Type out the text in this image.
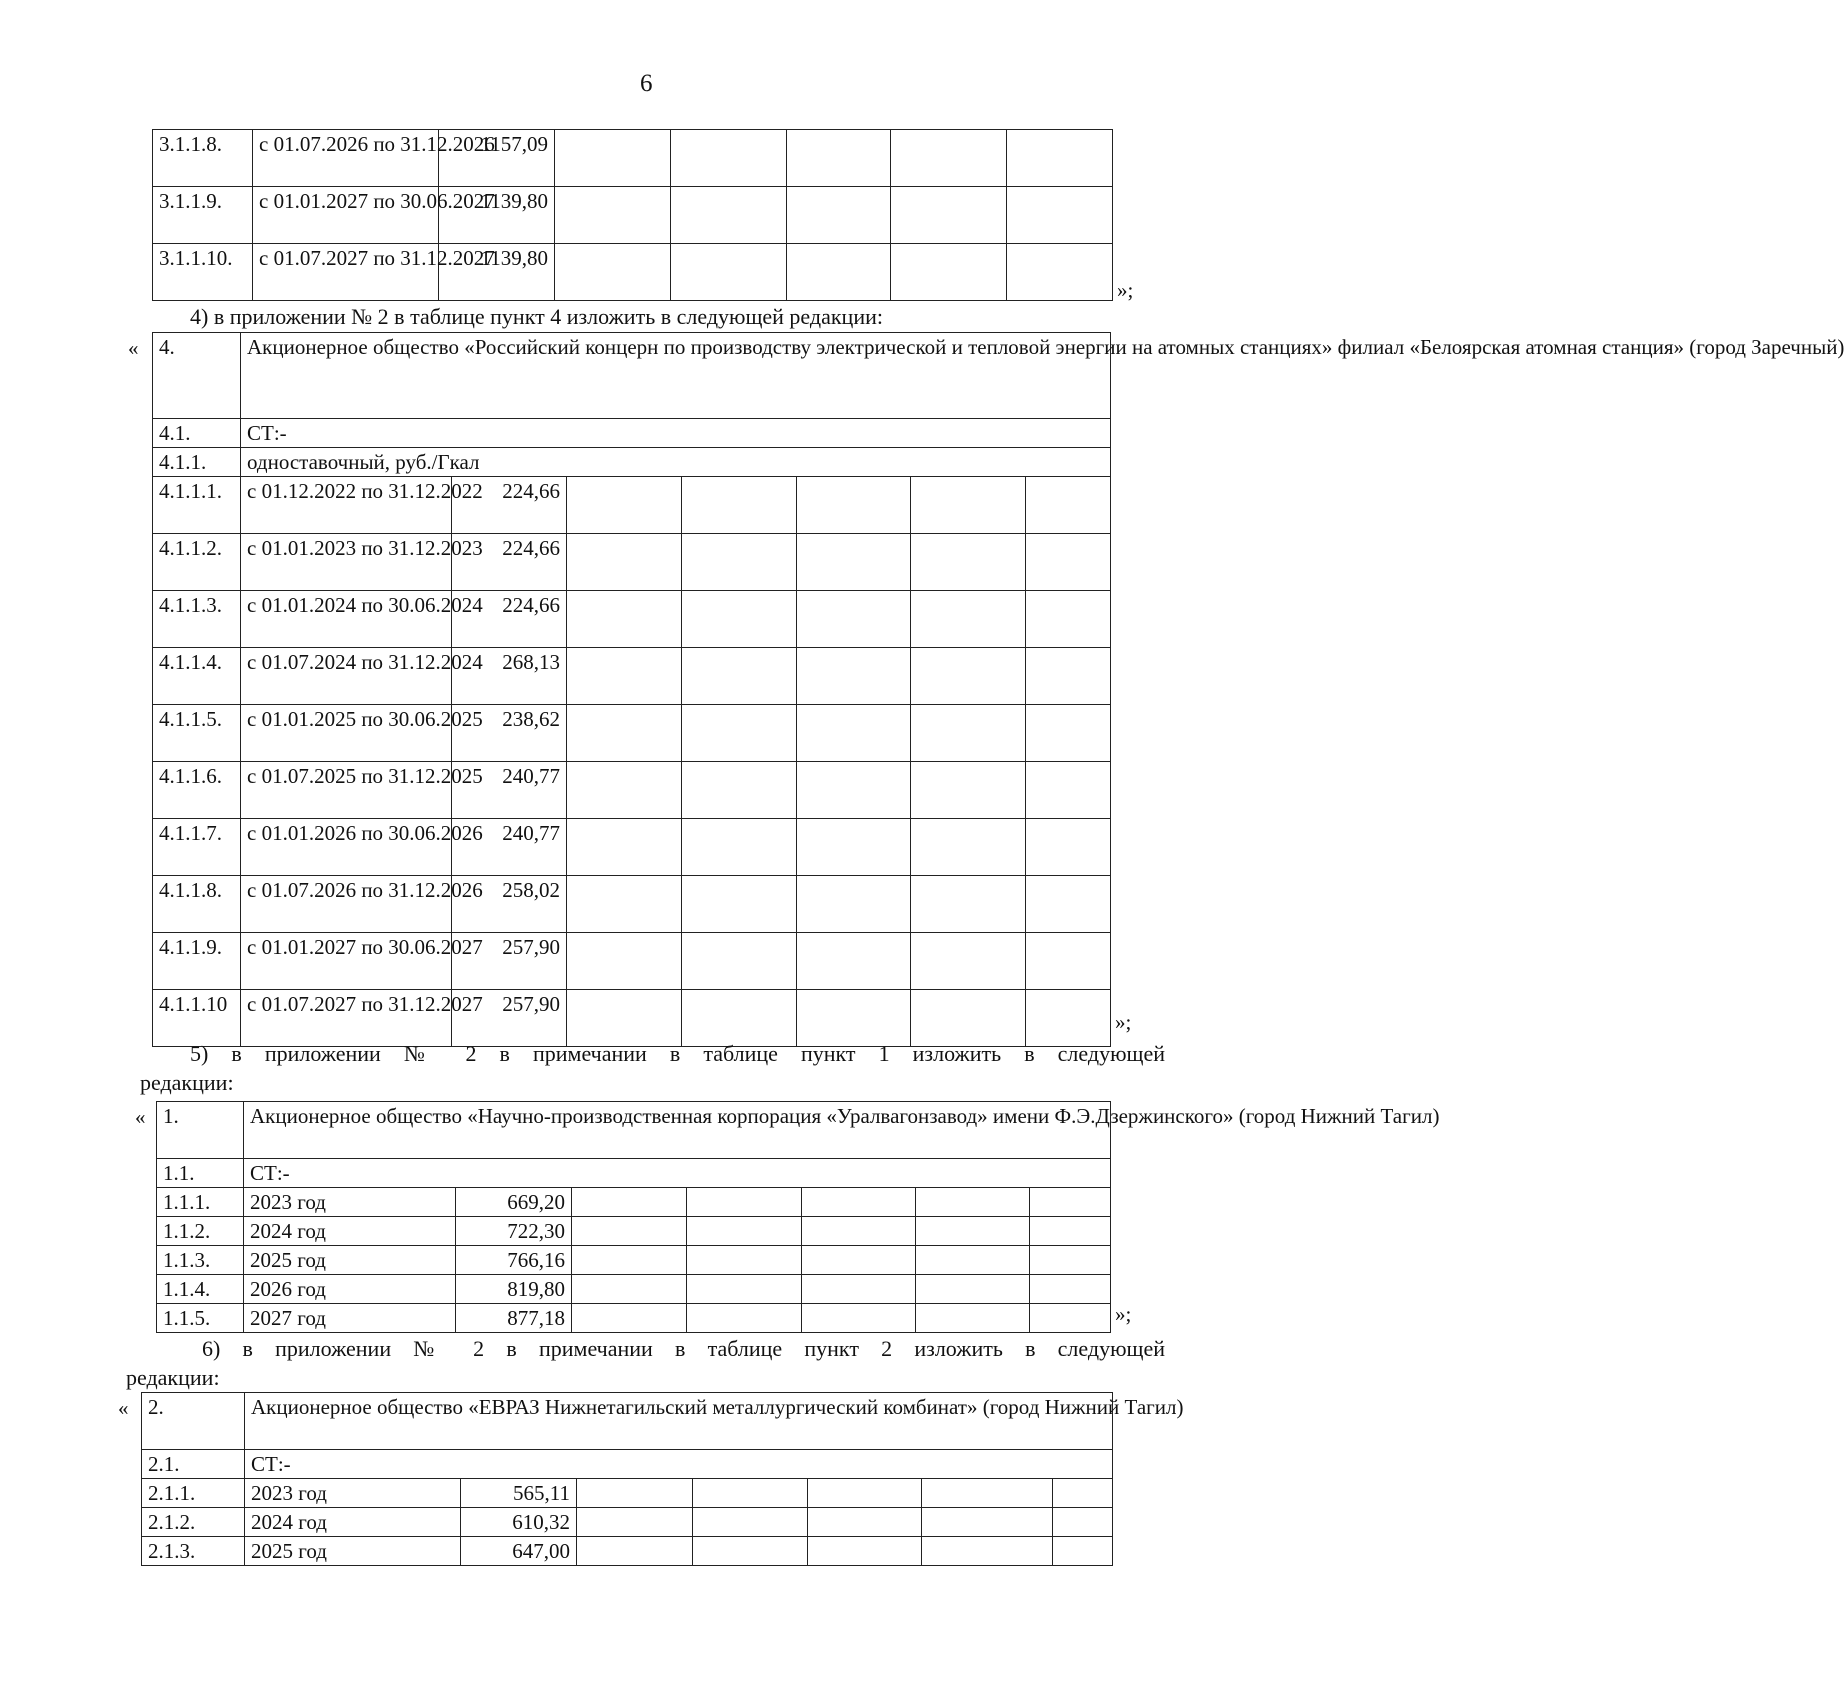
6
3.1.1.8.	с 01.07.2026 по 31.12.2026	1157,09					
3.1.1.9.	с 01.01.2027 по 30.06.2027	1139,80					
3.1.1.10.	с 01.07.2027 по 31.12.2027	1139,80					
»;
4) в приложении № 2 в таблице пункт 4 изложить в следующей редакции:
« 4.	Акционерное общество «Российский концерн по производству электрической и тепловой энергии на атомных станциях» филиал «Белоярская атомная станция» (город Заречный)						
4.1.	СТ:-						
4.1.1.	одноставочный, руб./Гкал						
4.1.1.1.	с 01.12.2022 по 31.12.2022	224,66					
4.1.1.2.	с 01.01.2023 по 31.12.2023	224,66					
4.1.1.3.	с 01.01.2024 по 30.06.2024	224,66					
4.1.1.4.	с 01.07.2024 по 31.12.2024	268,13					
4.1.1.5.	с 01.01.2025 по 30.06.2025	238,62					
4.1.1.6.	с 01.07.2025 по 31.12.2025	240,77					
4.1.1.7.	с 01.01.2026 по 30.06.2026	240,77					
4.1.1.8.	с 01.07.2026 по 31.12.2026	258,02					
4.1.1.9.	с 01.01.2027 по 30.06.2027	257,90					
4.1.1.10	с 01.07.2027 по 31.12.2027	257,90					
»;
5) в приложении № 2 в примечании в таблице пункт 1 изложить в следующей
редакции:
« 1.	Акционерное общество «Научно-производственная корпорация «Уралвагонзавод» имени Ф.Э.Дзержинского» (город Нижний Тагил)						
1.1.	СТ:-						
1.1.1.	2023 год	669,20					
1.1.2.	2024 год	722,30					
1.1.3.	2025 год	766,16					
1.1.4.	2026 год	819,80					
1.1.5.	2027 год	877,18						»;
6) в приложении № 2 в примечании в таблице пункт 2 изложить в следующей
редакции:
« 2.	Акционерное общество «ЕВРАЗ Нижнетагильский металлургический комбинат» (город Нижний Тагил)						
2.1.	СТ:-						
2.1.1.	2023 год	565,11					
2.1.2.	2024 год	610,32					
2.1.3.	2025 год	647,00					
